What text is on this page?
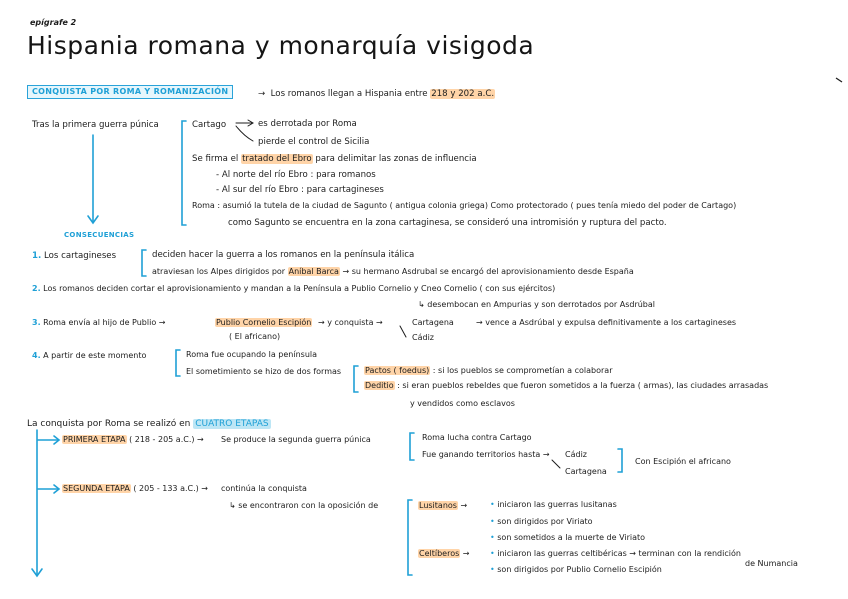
epígrafe 2
Hispania romana y monarquía visigoda
CONQUISTA POR ROMA Y ROMANIZACIÓN	→ Los romanos llegan a Hispania entre 218 y 202 a.C.
Tras la primera guerra púnica	Cartago	es derrotada por Roma
pierde el control de Sicilia
Se firma el tratado del Ebro para delimitar las zonas de influencia
- Al norte del río Ebro : para romanos
- Al sur del río Ebro : para cartagineses
Roma : asumió la tutela de la ciudad de Sagunto ( antigua colonia griega) Como protectorado ( pues tenía miedo del poder de Cartago)
como Sagunto se encuentra en la zona cartaginesa, se consideró una intromisión y ruptura del pacto.
CONSECUENCIAS
1. Los cartagineses	deciden hacer la guerra a los romanos en la península itálica
atraviesan los Alpes dirigidos por Aníbal Barca → su hermano Asdrubal se encargó del aprovisionamiento desde España
2. Los romanos deciden cortar el aprovisionamiento y mandan a la Península a Publio Cornelio y Cneo Cornelio ( con sus ejércitos)
↳ desembocan en Ampurias y son derrotados por Asdrúbal
3. Roma envía al hijo de Publio →	Publio Cornelio Escipión
( El africano)
→ y conquista →	Cartagena
Cádiz
→ vence a Asdrúbal y expulsa definitivamente a los cartagineses
4. A partir de este momento	Roma fue ocupando la península
El sometimiento se hizo de dos formas	Pactos ( foedus) : si los pueblos se comprometían a colaborar
Deditio : si eran pueblos rebeldes que fueron sometidos a la fuerza ( armas), las ciudades arrasadas
y vendidos como esclavos
La conquista por Roma se realizó en CUATRO ETAPAS
PRIMERA ETAPA ( 218 - 205 a.C.) → Se produce la segunda guerra púnica	Roma lucha contra Cartago
Fue ganando territorios hasta → Cádiz
Cartagena
Con Escipión el africano
SEGUNDA ETAPA ( 205 - 133 a.C.) → continúa la conquista
↳ se encontraron con la oposición de	Lusitanos →	• iniciaron las guerras lusitanas
• son dirigidos por Viriato
• son sometidos a la muerte de Viriato
Celtíberos →	• iniciaron las guerras celtibéricas → terminan con la rendición
de Numancia
• son dirigidos por Publio Cornelio Escipión
